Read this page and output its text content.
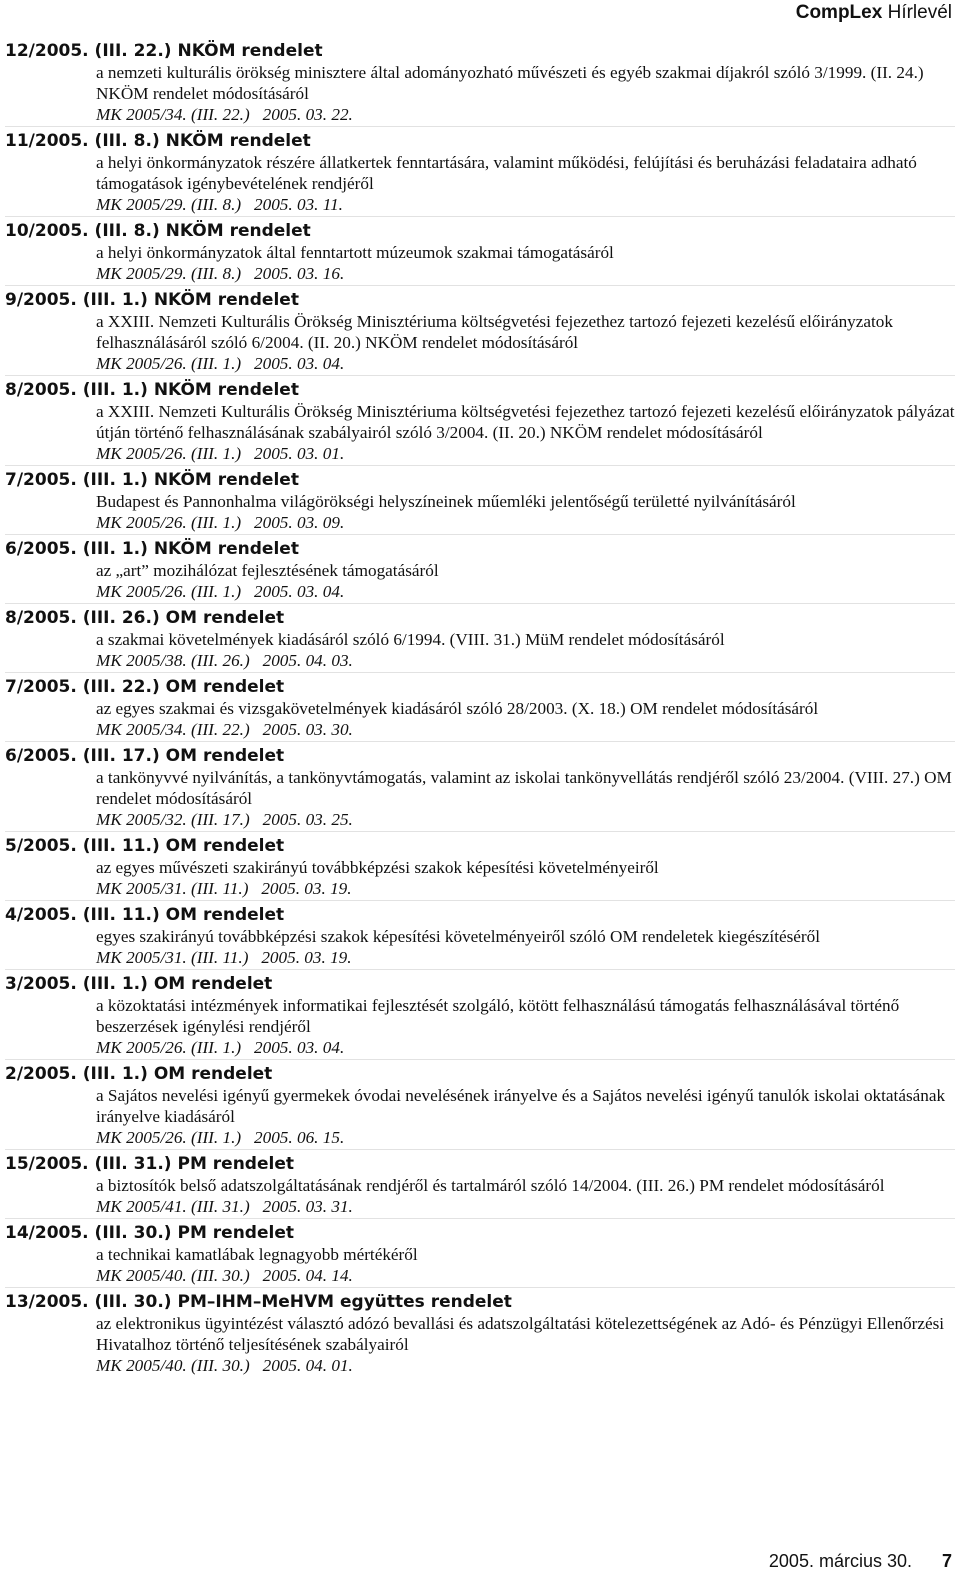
CompLex Hírlevél
12/2005. (III. 22.) NKÖM rendelet
a nemzeti kulturális örökség minisztere által adományozható művészeti és egyéb szakmai díjakról szóló 3/1999. (II. 24.) NKÖM rendelet módosításáról
MK 2005/34. (III. 22.)   2005. 03. 22.
11/2005. (III. 8.) NKÖM rendelet
a helyi önkormányzatok részére állatkertek fenntartására, valamint működési, felújítási és beruházási feladataira adható támogatások igénybevételének rendjéről
MK 2005/29. (III. 8.)   2005. 03. 11.
10/2005. (III. 8.) NKÖM rendelet
a helyi önkormányzatok által fenntartott múzeumok szakmai támogatásáról
MK 2005/29. (III. 8.)   2005. 03. 16.
9/2005. (III. 1.) NKÖM rendelet
a XXIII. Nemzeti Kulturális Örökség Minisztériuma költségvetési fejezethez tartozó fejezeti kezelésű előirányzatok felhasználásáról szóló 6/2004. (II. 20.) NKÖM rendelet módosításáról
MK 2005/26. (III. 1.)   2005. 03. 04.
8/2005. (III. 1.) NKÖM rendelet
a XXIII. Nemzeti Kulturális Örökség Minisztériuma költségvetési fejezethez tartozó fejezeti kezelésű előirányzatok pályázat útján történő felhasználásának szabályairól szóló 3/2004. (II. 20.) NKÖM rendelet módosításáról
MK 2005/26. (III. 1.)   2005. 03. 01.
7/2005. (III. 1.) NKÖM rendelet
Budapest és Pannonhalma világörökségi helyszíneinek műemléki jelentőségű területté nyilvánításáról
MK 2005/26. (III. 1.)   2005. 03. 09.
6/2005. (III. 1.) NKÖM rendelet
az „art” mozihálózat fejlesztésének támogatásáról
MK 2005/26. (III. 1.)   2005. 03. 04.
8/2005. (III. 26.) OM rendelet
a szakmai követelmények kiadásáról szóló 6/1994. (VIII. 31.) MüM rendelet módosításáról
MK 2005/38. (III. 26.)   2005. 04. 03.
7/2005. (III. 22.) OM rendelet
az egyes szakmai és vizsgakövetelmények kiadásáról szóló 28/2003. (X. 18.) OM rendelet módosításáról
MK 2005/34. (III. 22.)   2005. 03. 30.
6/2005. (III. 17.) OM rendelet
a tankönyvvé nyilvánítás, a tankönyvtámogatás, valamint az iskolai tankönyvellátás rendjéről szóló 23/2004. (VIII. 27.) OM rendelet módosításáról
MK 2005/32. (III. 17.)   2005. 03. 25.
5/2005. (III. 11.) OM rendelet
az egyes művészeti szakirányú továbbképzési szakok képesítési követelményeiről
MK 2005/31. (III. 11.)   2005. 03. 19.
4/2005. (III. 11.) OM rendelet
egyes szakirányú továbbképzési szakok képesítési követelményeiről szóló OM rendeletek kiegészítéséről
MK 2005/31. (III. 11.)   2005. 03. 19.
3/2005. (III. 1.) OM rendelet
a közoktatási intézmények informatikai fejlesztését szolgáló, kötött felhasználású támogatás felhasználásával történő beszerzések igénylési rendjéről
MK 2005/26. (III. 1.)   2005. 03. 04.
2/2005. (III. 1.) OM rendelet
a Sajátos nevelési igényű gyermekek óvodai nevelésének irányelve és a Sajátos nevelési igényű tanulók iskolai oktatásának irányelve kiadásáról
MK 2005/26. (III. 1.)   2005. 06. 15.
15/2005. (III. 31.) PM rendelet
a biztosítók belső adatszolgáltatásának rendjéről és tartalmáról szóló 14/2004. (III. 26.) PM rendelet módosításáról
MK 2005/41. (III. 31.)   2005. 03. 31.
14/2005. (III. 30.) PM rendelet
a technikai kamatlábak legnagyobb mértékéről
MK 2005/40. (III. 30.)   2005. 04. 14.
13/2005. (III. 30.) PM–IHM–MeHVM együttes rendelet
az elektronikus ügyintézést választó adózó bevallási és adatszolgáltatási kötelezettségének az Adó- és Pénzügyi Ellenőrzési Hivatalhoz történő teljesítésének szabályairól
MK 2005/40. (III. 30.)   2005. 04. 01.
2005. március 30. 7
